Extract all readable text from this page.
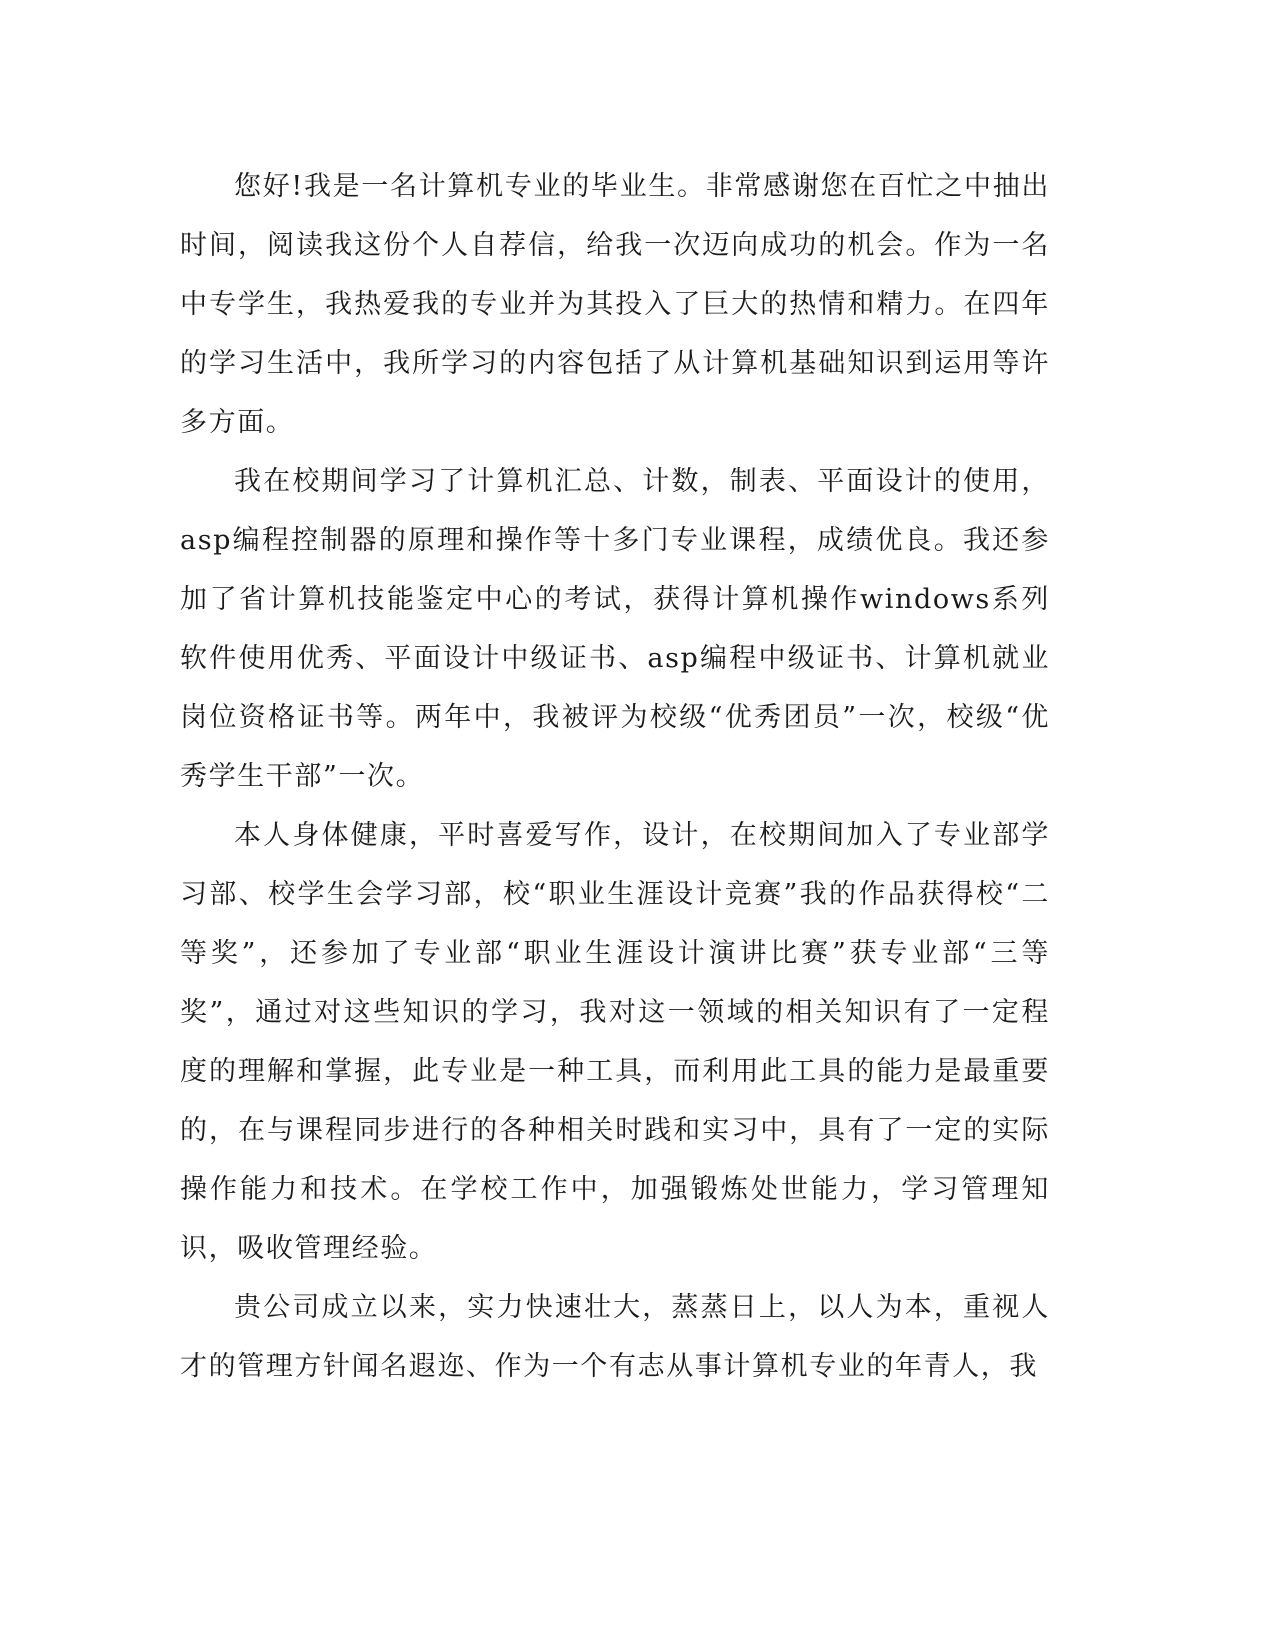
您好!我是一名计算机专业的毕业生。非常感谢您在百忙之中抽出时间，阅读我这份个人自荐信，给我一次迈向成功的机会。作为一名中专学生，我热爱我的专业并为其投入了巨大的热情和精力。在四年的学习生活中，我所学习的内容包括了从计算机基础知识到运用等许多方面。

我在校期间学习了计算机汇总、计数，制表、平面设计的使用，asp编程控制器的原理和操作等十多门专业课程，成绩优良。我还参加了省计算机技能鉴定中心的考试，获得计算机操作windows系列软件使用优秀、平面设计中级证书、asp编程中级证书、计算机就业岗位资格证书等。两年中，我被评为校级“优秀团员”一次，校级“优秀学生干部”一次。

本人身体健康，平时喜爱写作，设计，在校期间加入了专业部学习部、校学生会学习部，校“职业生涯设计竞赛”我的作品获得校“二等奖”，还参加了专业部“职业生涯设计演讲比赛”获专业部“三等奖”，通过对这些知识的学习，我对这一领域的相关知识有了一定程度的理解和掌握，此专业是一种工具，而利用此工具的能力是最重要的，在与课程同步进行的各种相关时践和实习中，具有了一定的实际操作能力和技术。在学校工作中，加强锻炼处世能力，学习管理知识，吸收管理经验。

贵公司成立以来，实力快速壮大，蒸蒸日上，以人为本，重视人才的管理方针闻名遐迩、作为一个有志从事计算机专业的年青人，我
